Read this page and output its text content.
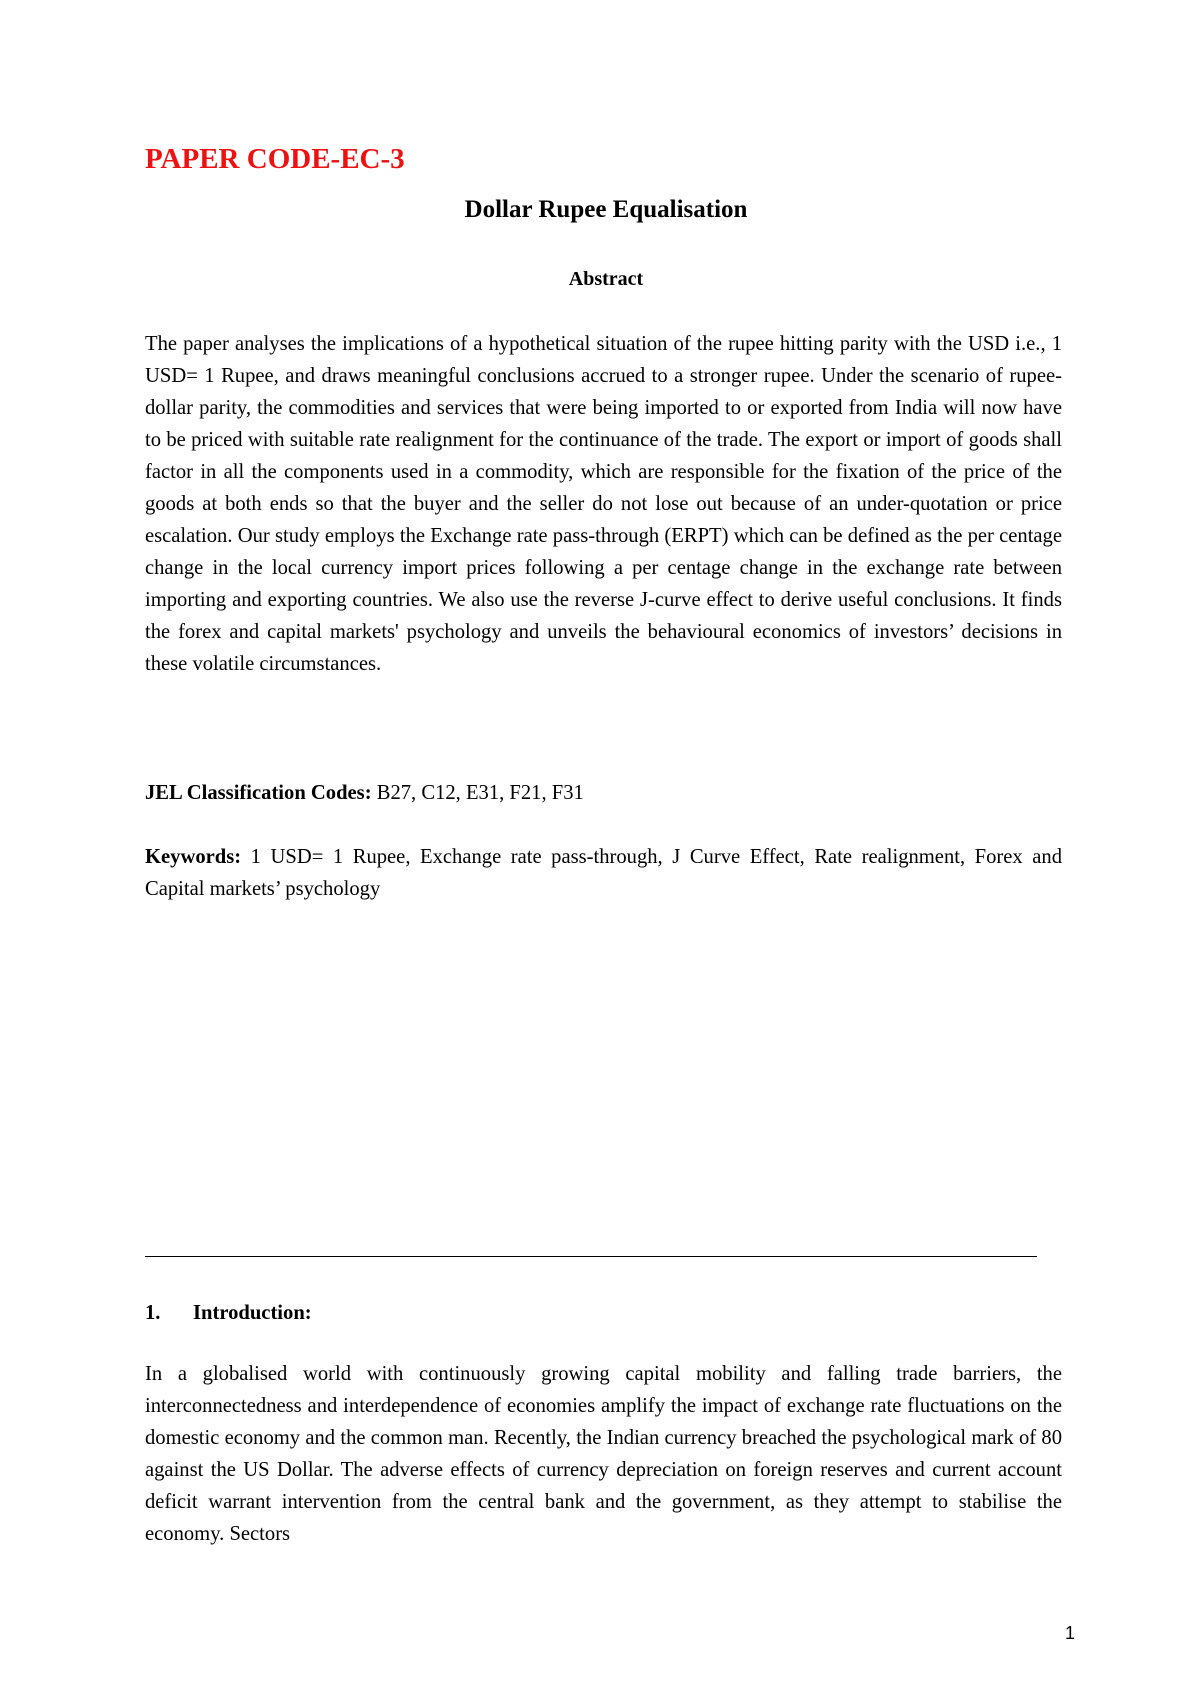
PAPER CODE-EC-3
Dollar Rupee Equalisation
Abstract

The paper analyses the implications of a hypothetical situation of the rupee hitting parity with the USD i.e., 1 USD= 1 Rupee, and draws meaningful conclusions accrued to a stronger rupee. Under the scenario of rupee-dollar parity, the commodities and services that were being imported to or exported from India will now have to be priced with suitable rate realignment for the continuance of the trade. The export or import of goods shall factor in all the components used in a commodity, which are responsible for the fixation of the price of the goods at both ends so that the buyer and the seller do not lose out because of an under-quotation or price escalation. Our study employs the Exchange rate pass-through (ERPT) which can be defined as the per centage change in the local currency import prices following a per centage change in the exchange rate between importing and exporting countries. We also use the reverse J-curve effect to derive useful conclusions. It finds the forex and capital markets' psychology and unveils the behavioural economics of investors’ decisions in these volatile circumstances.

JEL Classification Codes: B27, C12, E31, F21, F31

Keywords: 1 USD= 1 Rupee, Exchange rate pass-through, J Curve Effect, Rate realignment, Forex and Capital markets’ psychology

1. Introduction:

In a globalised world with continuously growing capital mobility and falling trade barriers, the interconnectedness and interdependence of economies amplify the impact of exchange rate fluctuations on the domestic economy and the common man. Recently, the Indian currency breached the psychological mark of 80 against the US Dollar. The adverse effects of currency depreciation on foreign reserves and current account deficit warrant intervention from the central bank and the government, as they attempt to stabilise the economy. Sectors

1
